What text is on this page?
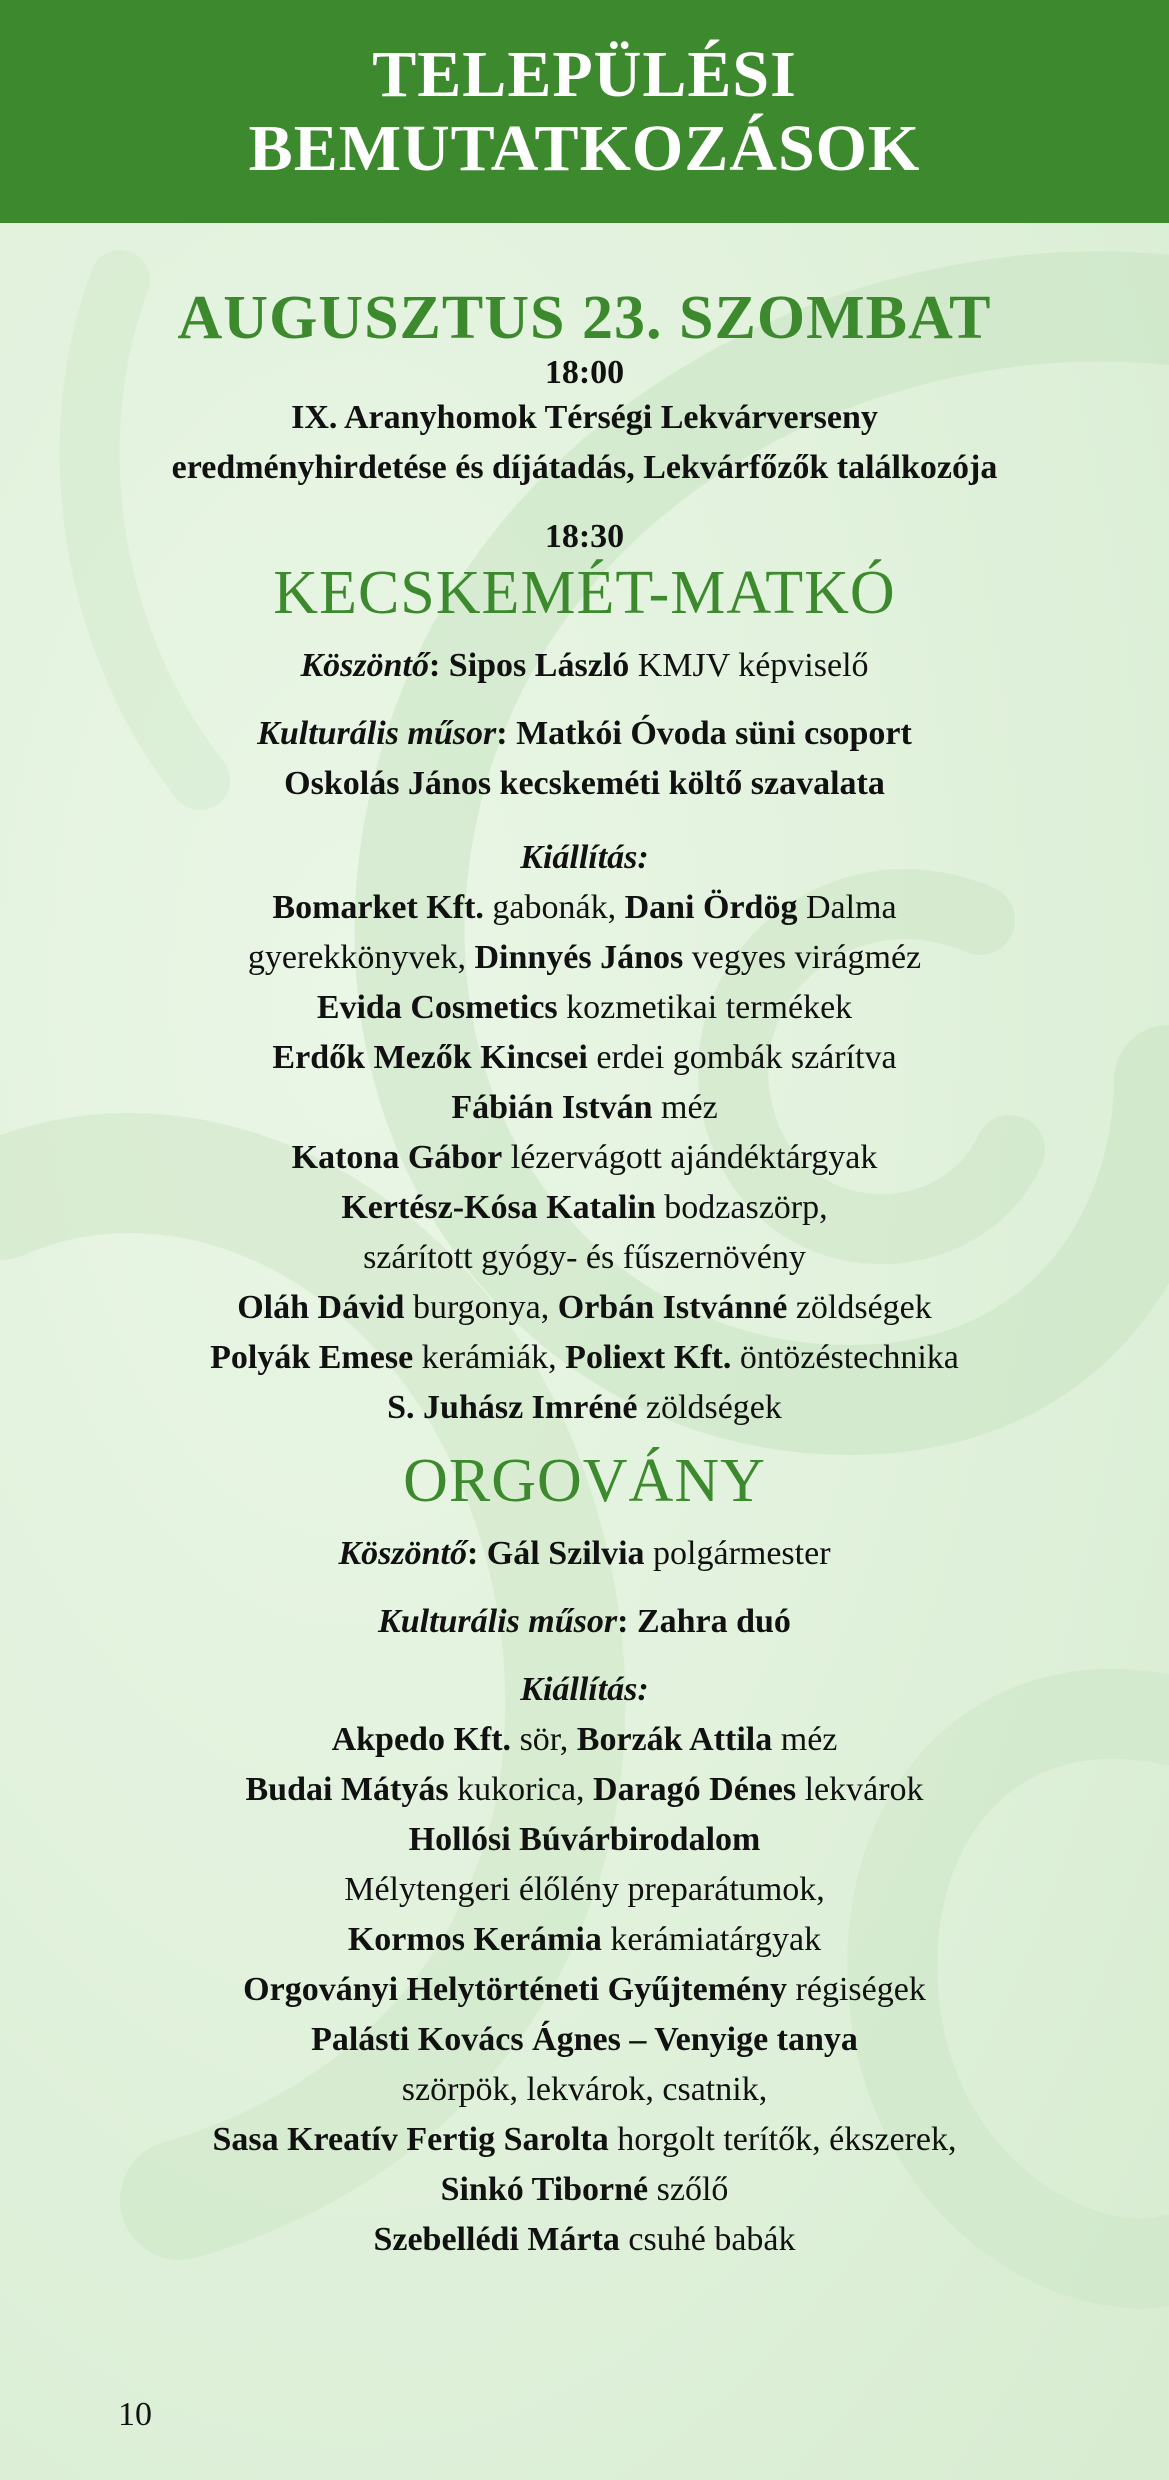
TELEPÜLÉSI
BEMUTATKOZÁSOK
AUGUSZTUS 23. SZOMBAT
18:00
IX. Aranyhomok Térségi Lekvárverseny
eredményhirdetése és díjátadás, Lekvárfőzők találkozója
18:30
KECSKEMÉT-MATKÓ
Köszöntő: Sipos László KMJV képviselő
Kulturális műsor: Matkói Óvoda süni csoport
Oskolás János kecskeméti költő szavalata
Kiállítás:
Bomarket Kft. gabonák, Dani Ördög Dalma
gyerekkönyvek, Dinnyés János vegyes virágméz
Evida Cosmetics kozmetikai termékek
Erdők Mezők Kincsei erdei gombák szárítva
Fábián István méz
Katona Gábor lézervágott ajándéktárgyak
Kertész-Kósa Katalin bodzaszörp,
szárított gyógy- és fűszernövény
Oláh Dávid burgonya, Orbán Istvánné zöldségek
Polyák Emese kerámiák, Poliext Kft. öntözéstechnika
S. Juhász Imréné zöldségek
ORGOVÁNY
Köszöntő: Gál Szilvia polgármester
Kulturális műsor: Zahra duó
Kiállítás:
Akpedo Kft. sör, Borzák Attila méz
Budai Mátyás kukorica, Daragó Dénes lekvárok
Hollósi Búvárbirodalom
Mélytengeri élőlény preparátumok,
Kormos Kerámia kerámiatárgyak
Orgoványi Helytörténeti Gyűjtemény régiségek
Palásti Kovács Ágnes – Venyige tanya
szörpök, lekvárok, csatnik,
Sasa Kreatív Fertig Sarolta horgolt terítők, ékszerek,
Sinkó Tiborné szőlő
Szebellédi Márta csuhé babák
10
